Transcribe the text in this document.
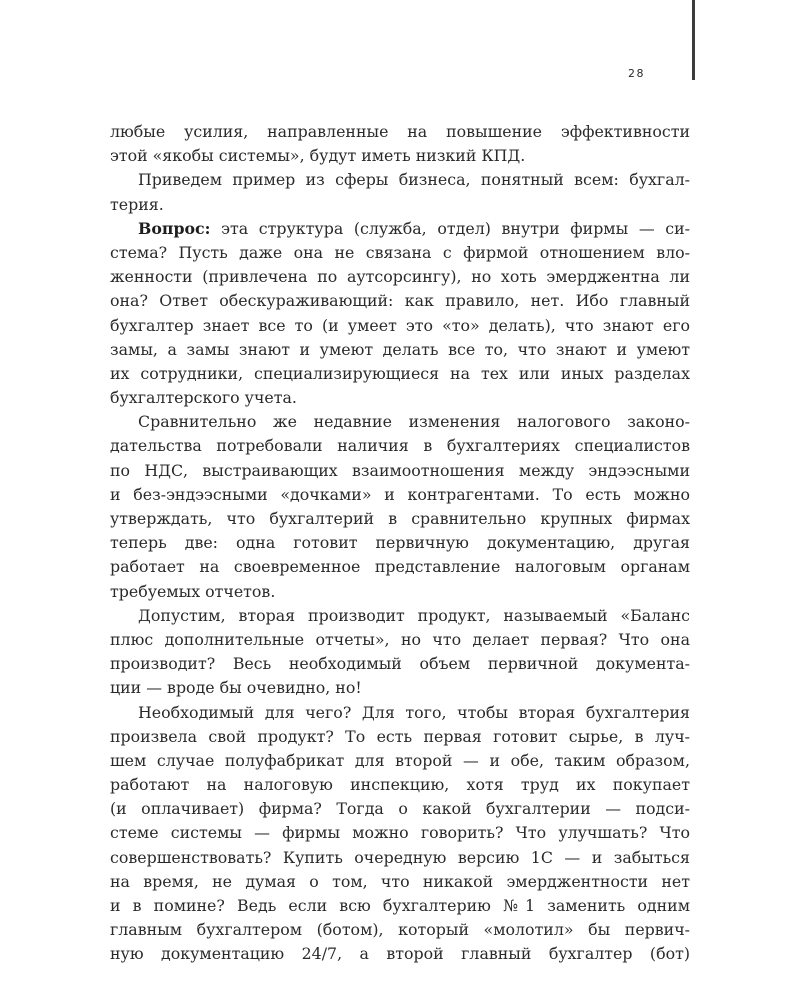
28
любые усилия, направленные на повышение эффективности
этой «якобы системы», будут иметь низкий КПД.
Приведем пример из сферы бизнеса, понятный всем: бухгал-
терия.
Вопрос: эта структура (служба, отдел) внутри фирмы — си-
стема? Пусть даже она не связана с фирмой отношением вло-
женности (привлечена по аутсорсингу), но хоть эмерджентна ли
она? Ответ обескураживающий: как правило, нет. Ибо главный
бухгалтер знает все то (и умеет это «то» делать), что знают его
замы, а замы знают и умеют делать все то, что знают и умеют
их сотрудники, специализирующиеся на тех или иных разделах
бухгалтерского учета.
Сравнительно же недавние изменения налогового законо-
дательства потребовали наличия в бухгалтериях специалистов
по НДС, выстраивающих взаимоотношения между эндээсными
и без-эндээсными «дочками» и контрагентами. То есть можно
утверждать, что бухгалтерий в сравнительно крупных фирмах
теперь две: одна готовит первичную документацию, другая
работает на своевременное представление налоговым органам
требуемых отчетов.
Допустим, вторая производит продукт, называемый «Баланс
плюс дополнительные отчеты», но что делает первая? Что она
производит? Весь необходимый объем первичной документа-
ции — вроде бы очевидно, но!
Необходимый для чего? Для того, чтобы вторая бухгалтерия
произвела свой продукт? То есть первая готовит сырье, в луч-
шем случае полуфабрикат для второй — и обе, таким образом,
работают на налоговую инспекцию, хотя труд их покупает
(и оплачивает) фирма? Тогда о какой бухгалтерии — подси-
стеме системы — фирмы можно говорить? Что улучшать? Что
совершенствовать? Купить очередную версию 1С — и забыться
на время, не думая о том, что никакой эмерджентности нет
и в помине? Ведь если всю бухгалтерию №1 заменить одним
главным бухгалтером (ботом), который «молотил» бы первич-
ную документацию 24/7, а второй главный бухгалтер (бот)
